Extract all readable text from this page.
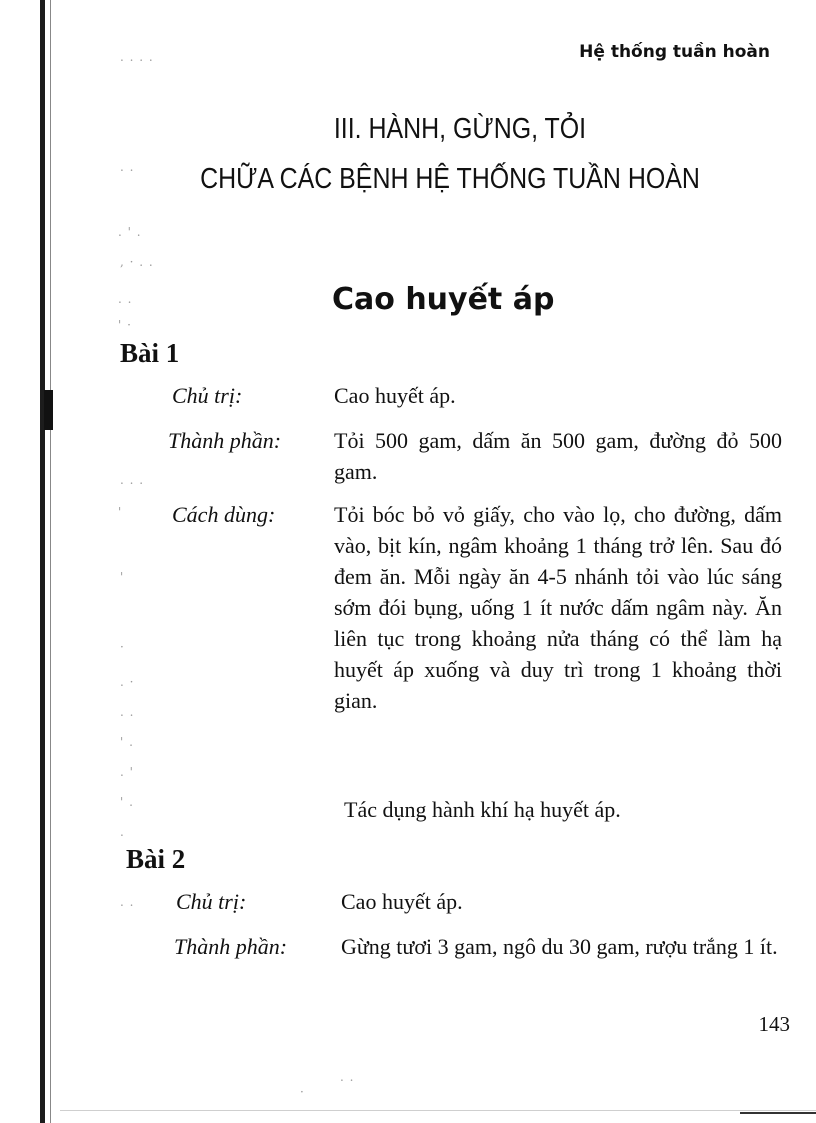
. . . .
. .
. ' .
, · . .
. .
' ·
. . .
'
'
·
. ·
. .
' .
. '
' .
.
. .
·
. .
Hệ thống tuần hoàn
III. HÀNH, GỪNG, TỎI
CHỮA CÁC BỆNH HỆ THỐNG TUẦN HOÀN
Cao huyết áp
Bài 1
Chủ trị:	Cao huyết áp.
Thành phần: Tỏi 500 gam, dấm ăn 500 gam, đường đỏ 500 gam.
Cách dùng:	Tỏi bóc bỏ vỏ giấy, cho vào lọ, cho đường, dấm vào, bịt kín, ngâm khoảng 1 tháng trở lên. Sau đó đem ăn. Mỗi ngày ăn 4-5 nhánh tỏi vào lúc sáng sớm đói bụng, uống 1 ít nước dấm ngâm này. Ăn liên tục trong khoảng nửa tháng có thể làm hạ huyết áp xuống và duy trì trong 1 khoảng thời gian.
Tác dụng hành khí hạ huyết áp.
Bài 2
Chủ trị:	Cao huyết áp.
Thành phần: Gừng tươi 3 gam, ngô du 30 gam, rượu trắng 1 ít.
143
